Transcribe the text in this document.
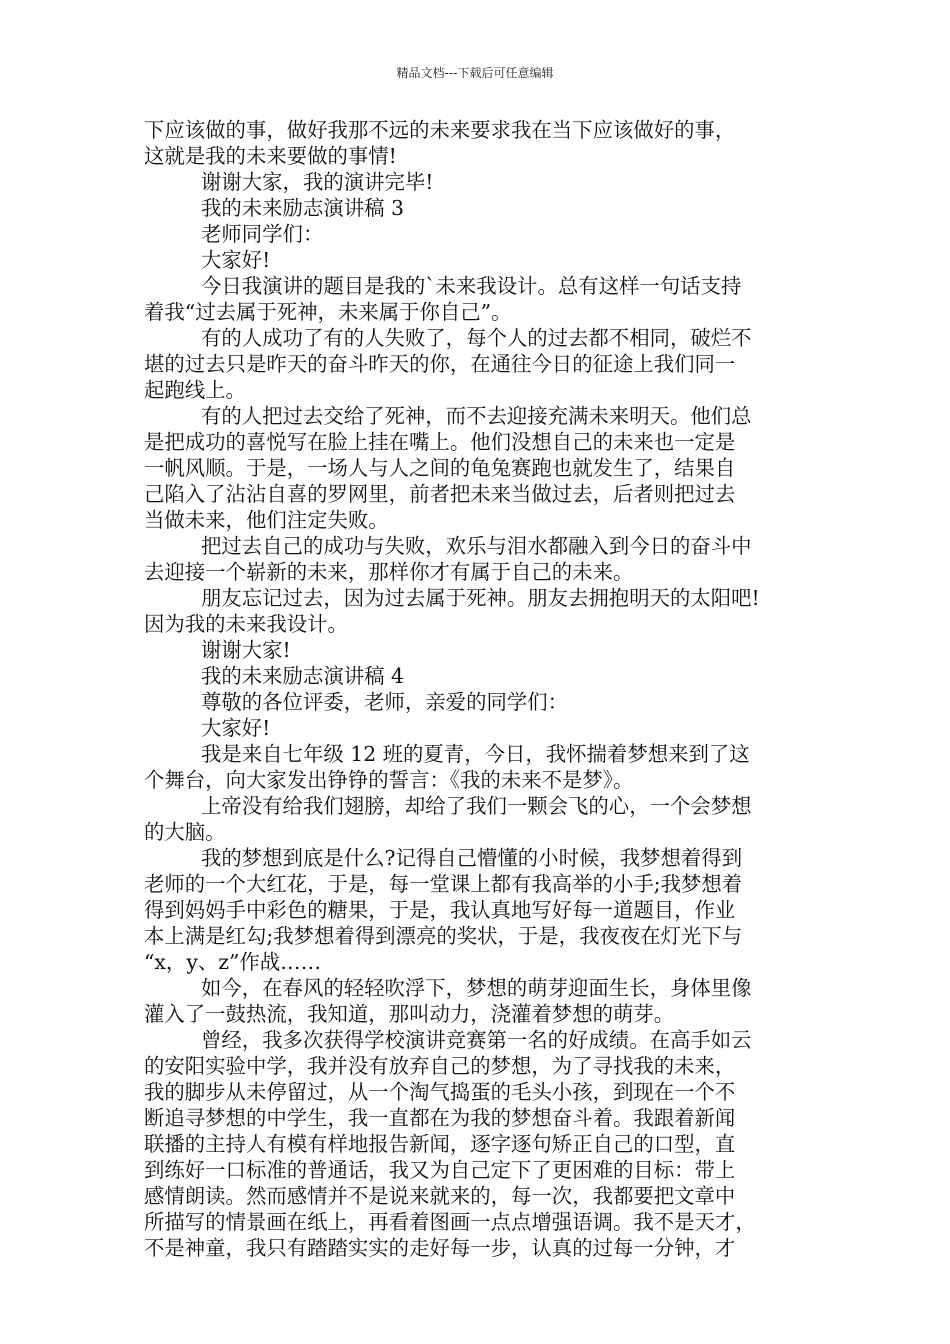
精品文档---下载后可任意编辑
下应该做的事，做好我那不远的未来要求我在当下应该做好的事，
这就是我的未来要做的事情!
谢谢大家，我的演讲完毕!
我的未来励志演讲稿 3
老师同学们：
大家好!
今日我演讲的题目是我的`未来我设计。总有这样一句话支持
着我“过去属于死神，未来属于你自己”。
有的人成功了有的人失败了，每个人的过去都不相同，破烂不
堪的过去只是昨天的奋斗昨天的你，在通往今日的征途上我们同一
起跑线上。
有的人把过去交给了死神，而不去迎接充满未来明天。他们总
是把成功的喜悦写在脸上挂在嘴上。他们没想自己的未来也一定是
一帆风顺。于是，一场人与人之间的龟兔赛跑也就发生了，结果自
己陷入了沾沾自喜的罗网里，前者把未来当做过去，后者则把过去
当做未来，他们注定失败。
把过去自己的成功与失败，欢乐与泪水都融入到今日的奋斗中
去迎接一个崭新的未来，那样你才有属于自己的未来。
朋友忘记过去，因为过去属于死神。朋友去拥抱明天的太阳吧!
因为我的未来我设计。
谢谢大家!
我的未来励志演讲稿 4
尊敬的各位评委，老师，亲爱的同学们：
大家好!
我是来自七年级 12 班的夏青，今日，我怀揣着梦想来到了这
个舞台，向大家发出铮铮的誓言：《我的未来不是梦》。
上帝没有给我们翅膀，却给了我们一颗会飞的心，一个会梦想
的大脑。
我的梦想到底是什么?记得自己懵懂的小时候，我梦想着得到
老师的一个大红花，于是，每一堂课上都有我高举的小手;我梦想着
得到妈妈手中彩色的糖果，于是，我认真地写好每一道题目，作业
本上满是红勾;我梦想着得到漂亮的奖状，于是，我夜夜在灯光下与
“x，y、z”作战……
如今，在春风的轻轻吹浮下，梦想的萌芽迎面生长，身体里像
灌入了一鼓热流，我知道，那叫动力，浇灌着梦想的萌芽。
曾经，我多次获得学校演讲竞赛第一名的好成绩。在高手如云
的安阳实验中学，我并没有放弃自己的梦想，为了寻找我的未来，
我的脚步从未停留过，从一个淘气捣蛋的毛头小孩，到现在一个不
断追寻梦想的中学生，我一直都在为我的梦想奋斗着。我跟着新闻
联播的主持人有模有样地报告新闻，逐字逐句矫正自己的口型，直
到练好一口标准的普通话，我又为自己定下了更困难的目标：带上
感情朗读。然而感情并不是说来就来的，每一次，我都要把文章中
所描写的情景画在纸上，再看着图画一点点增强语调。我不是天才，
不是神童，我只有踏踏实实的走好每一步，认真的过每一分钟，才
